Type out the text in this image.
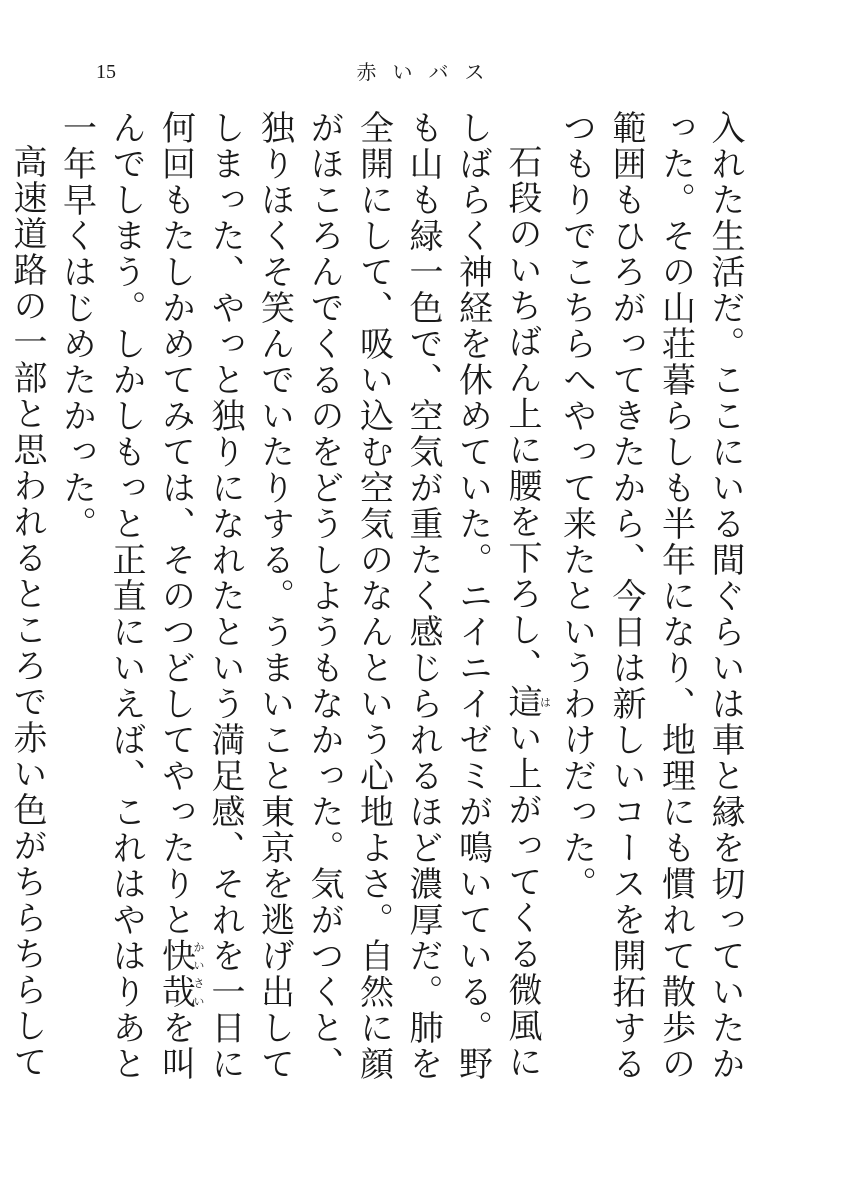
15	赤いバス

入れた生活だ。ここにいる間ぐらいは車と縁を切っていたかった。その山荘暮らしも半年になり、地理にも慣れて散歩の範囲もひろがってきたから、今日は新しいコースを開拓するつもりでこちらへやって来たというわけだった。

石段のいちばん上に腰を下ろし、這はい上がってくる微風にしばらく神経を休めていた。ニイニイゼミが鳴いている。野も山も緑一色で、空気が重たく感じられるほど濃厚だ。肺を全開にして、吸い込む空気のなんという心地よさ。自然に顔がほころんでくるのをどうしようもなかった。気がつくと、独りほくそ笑んでいたりする。うまいこと東京を逃げ出してしまった、やっと独りになれたという満足感、それを一日に何回もたしかめてみては、そのつどしてやったりと快哉かいさいを叫んでしまう。しかしもっと正直にいえば、これはやはりあと一年早くはじめたかった。

高速道路の一部と思われるところで赤い色がちらちらして
